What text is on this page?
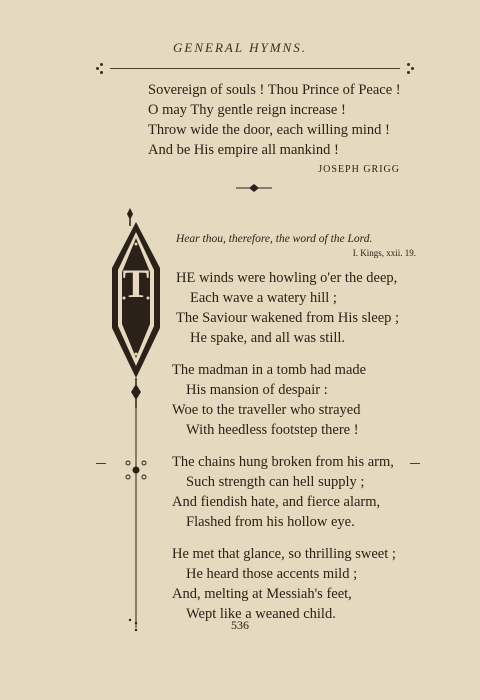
GENERAL HYMNS.
Sovereign of souls ! Thou Prince of Peace !
O may Thy gentle reign increase !
Throw wide the door, each willing mind !
And be His empire all mankind !
JOSEPH GRIGG
Hear thou, therefore, the word of the Lord.
I. Kings, xxii. 19.
T HE winds were howling o'er the deep,
Each wave a watery hill ;
The Saviour wakened from His sleep ;
He spake, and all was still.
The madman in a tomb had made
His mansion of despair :
Woe to the traveller who strayed
With heedless footstep there !
The chains hung broken from his arm,
Such strength can hell supply ;
And fiendish hate, and fierce alarm,
Flashed from his hollow eye.
He met that glance, so thrilling sweet ;
He heard those accents mild ;
And, melting at Messiah's feet,
Wept like a weaned child.
536
